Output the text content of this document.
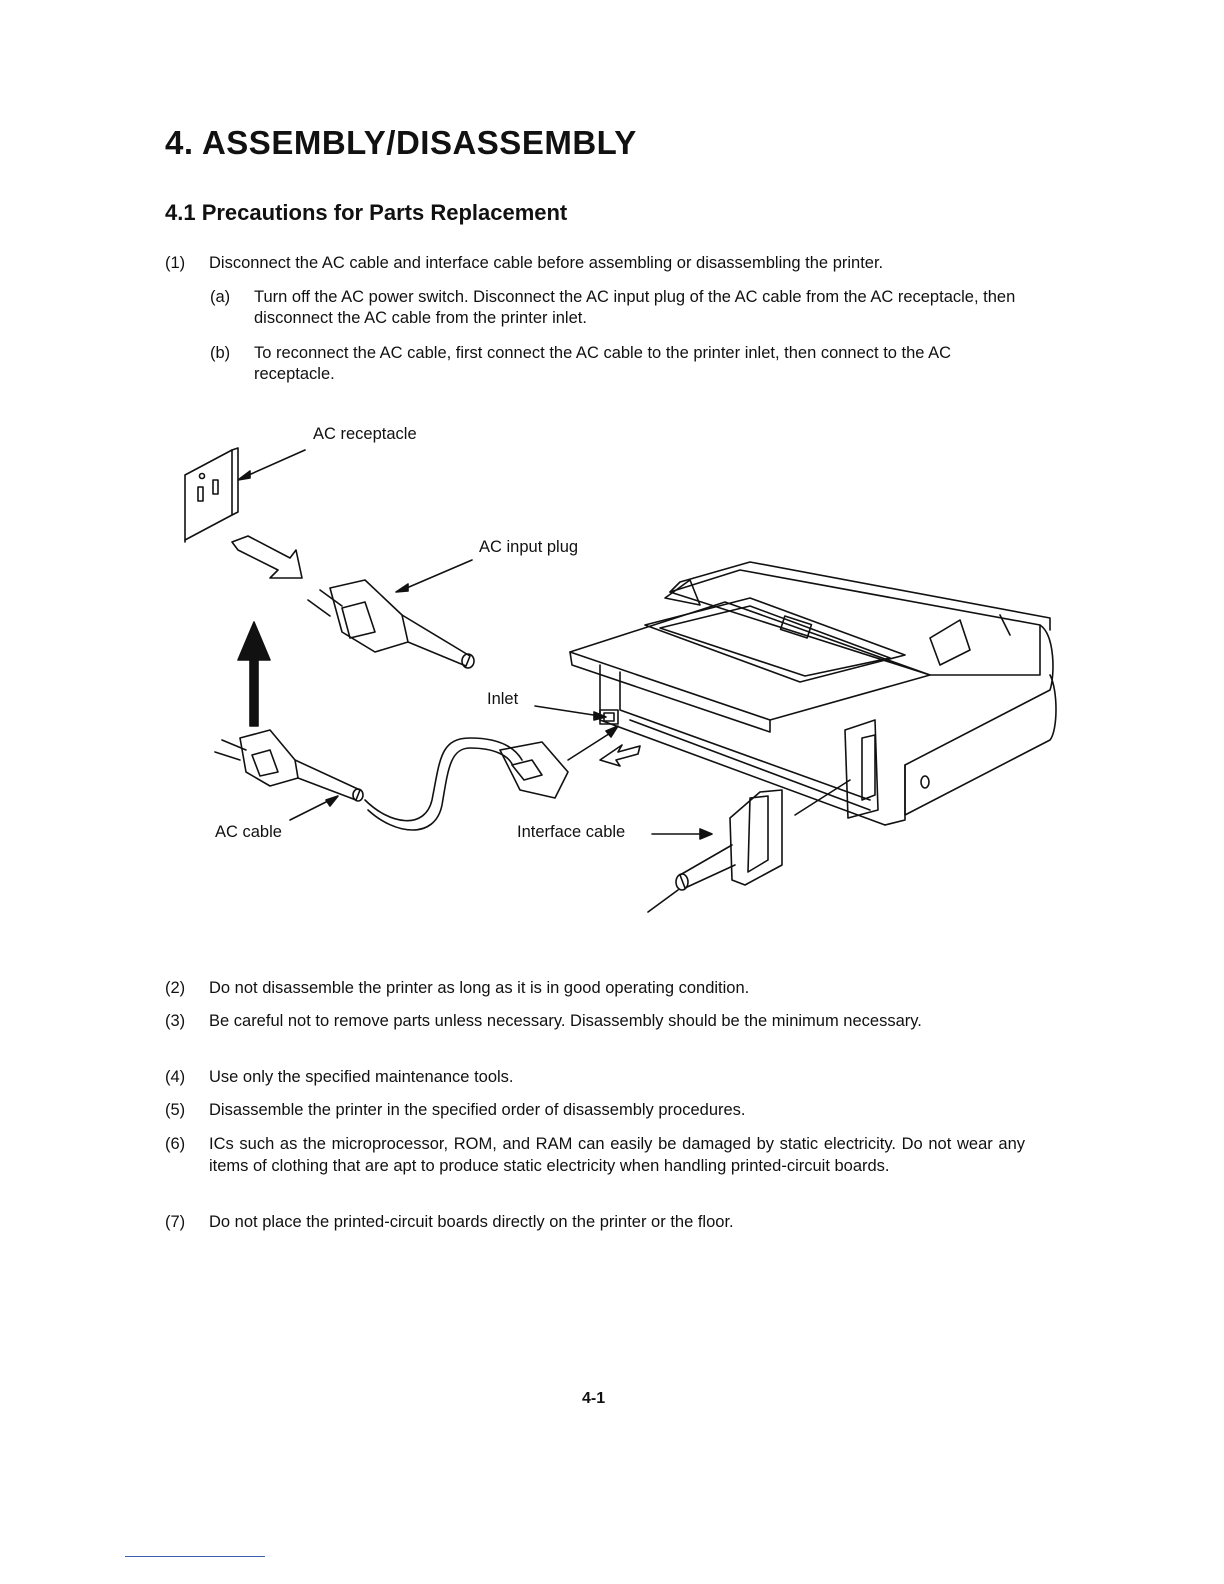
4. ASSEMBLY/DISASSEMBLY
4.1 Precautions for Parts Replacement
(1)	Disconnect the AC cable and interface cable before assembling or disassembling the printer.
(a)	Turn off the AC power switch. Disconnect the AC input plug of the AC cable from the AC receptacle, then disconnect the AC cable from the printer inlet.
(b)	To reconnect the AC cable, first connect the AC cable to the printer inlet, then connect to the AC receptacle.
AC receptacle
AC input plug
Inlet
AC cable	Interface cable
(2)	Do not disassemble the printer as long as it is in good operating condition.
(3)	Be careful not to remove parts unless necessary. Disassembly should be the minimum necessary.
(4)	Use only the specified maintenance tools.
(5)	Disassemble the printer in the specified order of disassembly procedures.
(6)	ICs such as the microprocessor, ROM, and RAM can easily be damaged by static electricity. Do not wear any items of clothing that are apt to produce static electricity when handling printed-circuit boards.
(7)	Do not place the printed-circuit boards directly on the printer or the floor.
4-1
